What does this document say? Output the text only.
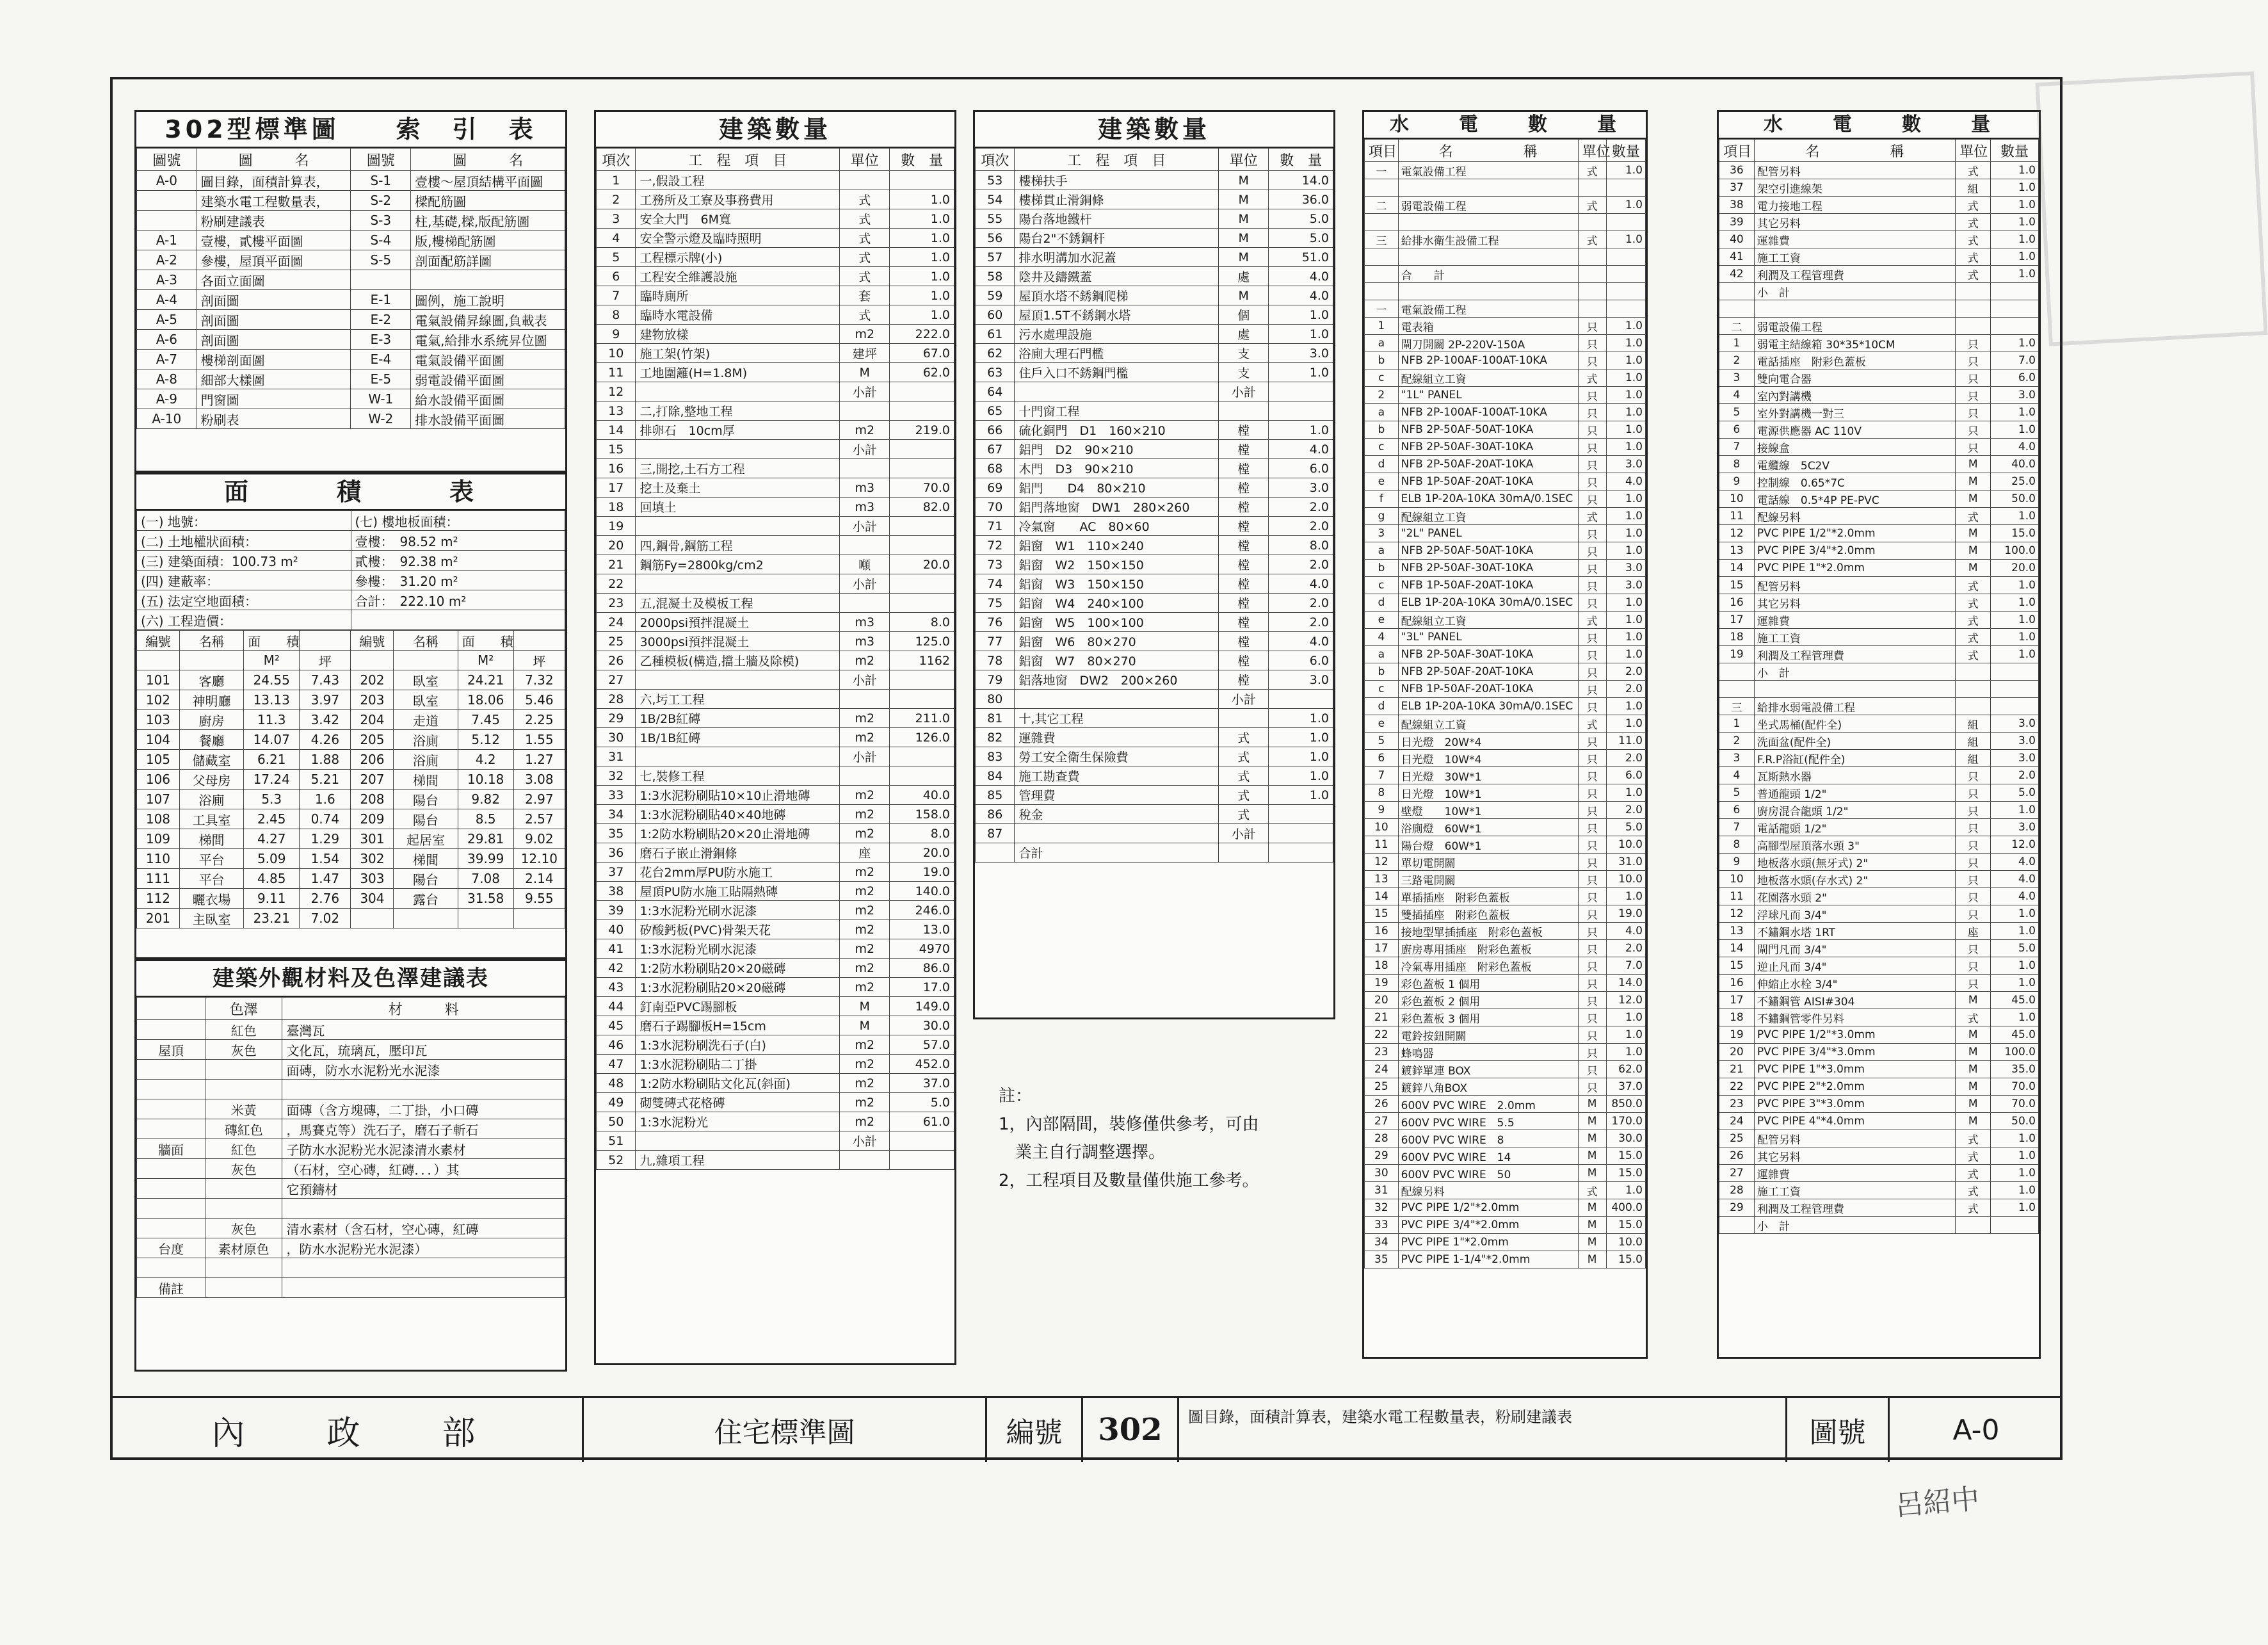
302型標準圖　　索　引　表
圖號	圖　　　名	圖號	圖　　　名
A-0	圖目錄，面積計算表，	S-1	壹樓～屋頂結構平面圖
	建築水電工程數量表，	S-2	樑配筋圖
	粉刷建議表	S-3	柱,基礎,樑,版配筋圖
A-1	壹樓，貳樓平面圖	S-4	版,樓梯配筋圖
A-2	參樓，屋頂平面圖	S-5	剖面配筋詳圖
A-3	各面立面圖		
A-4	剖面圖	E-1	圖例，施工說明
A-5	剖面圖	E-2	電氣設備昇線圖,負載表
A-6	剖面圖	E-3	電氣,給排水系統昇位圖
A-7	樓梯剖面圖	E-4	電氣設備平面圖
A-8	細部大樣圖	E-5	弱電設備平面圖
A-9	門窗圖	W-1	給水設備平面圖
A-10	粉刷表	W-2	排水設備平面圖
面　　　積　　　表
(一) 地號：	(七) 樓地板面積：
(二) 土地權狀面積：	壹樓：　98.52 m²
(三) 建築面積：100.73 m²	貳樓：　92.38 m²
(四) 建蔽率：	參樓：　31.20 m²
(五) 法定空地面積：	合計：　222.10 m²
(六) 工程造價：	
編號	名稱	面　　積		編號	名稱	面　　積	
		M²	坪			M²	坪
101	客廳	24.55	7.43	202	臥室	24.21	7.32
102	神明廳	13.13	3.97	203	臥室	18.06	5.46
103	廚房	11.3	3.42	204	走道	7.45	2.25
104	餐廳	14.07	4.26	205	浴廁	5.12	1.55
105	儲藏室	6.21	1.88	206	浴廁	4.2	1.27
106	父母房	17.24	5.21	207	梯間	10.18	3.08
107	浴廁	5.3	1.6	208	陽台	9.82	2.97
108	工具室	2.45	0.74	209	陽台	8.5	2.57
109	梯間	4.27	1.29	301	起居室	29.81	9.02
110	平台	5.09	1.54	302	梯間	39.99	12.10
111	平台	4.85	1.47	303	陽台	7.08	2.14
112	曬衣場	9.11	2.76	304	露台	31.58	9.55
201	主臥室	23.21	7.02				
建築外觀材料及色澤建議表
	色澤	材　　　料
	紅色	臺灣瓦
屋頂	灰色	文化瓦，琉璃瓦，壓印瓦
		面磚，防水水泥粉光水泥漆

	米黃	面磚（含方塊磚，二丁掛，小口磚
	磚紅色	，馬賽克等）洗石子，磨石子斬石
牆面	紅色	子防水水泥粉光水泥漆清水素材
	灰色	（石材，空心磚，紅磚．．．）其
		它預鑄材

	灰色	清水素材（含石材，空心磚，紅磚
台度	素材原色	，防水水泥粉光水泥漆）

備註		
建築數量
項次	工　程　項　目	單位	數　量
1	一,假設工程		
2	工務所及工寮及事務費用	式	1.0
3	安全大門　6M寬	式	1.0
4	安全警示燈及臨時照明	式	1.0
5	工程標示牌(小)	式	1.0
6	工程安全維護設施	式	1.0
7	臨時廁所	套	1.0
8	臨時水電設備	式	1.0
9	建物放樣	m2	222.0
10	施工架(竹架)	建坪	67.0
11	工地圍籬(H=1.8M)	M	62.0
12		小計	
13	二,打除,整地工程		
14	排卵石　10cm厚	m2	219.0
15		小計	
16	三,開挖,土石方工程		
17	挖土及棄土	m3	70.0
18	回填土	m3	82.0
19		小計	
20	四,鋼骨,鋼筋工程		
21	鋼筋Fy=2800kg/cm2	噸	20.0
22		小計	
23	五,混凝土及模板工程		
24	2000psi預拌混凝土	m3	8.0
25	3000psi預拌混凝土	m3	125.0
26	乙種模板(構造,擋土牆及除模)	m2	1162
27		小計	
28	六,圬工工程		
29	1B/2B紅磚	m2	211.0
30	1B/1B紅磚	m2	126.0
31		小計	
32	七,裝修工程		
33	1:3水泥粉刷貼10×10止滑地磚	m2	40.0
34	1:3水泥粉刷貼40×40地磚	m2	158.0
35	1:2防水粉刷貼20×20止滑地磚	m2	8.0
36	磨石子嵌止滑銅條	座	20.0
37	花台2mm厚PU防水施工	m2	19.0
38	屋頂PU防水施工貼隔熱磚	m2	140.0
39	1:3水泥粉光刷水泥漆	m2	246.0
40	矽酸鈣板(PVC)骨架天花	m2	13.0
41	1:3水泥粉光刷水泥漆	m2	4970
42	1:2防水粉刷貼20×20磁磚	m2	86.0
43	1:3水泥粉刷貼20×20磁磚	m2	17.0
44	釘南亞PVC踢腳板	M	149.0
45	磨石子踢腳板H=15cm	M	30.0
46	1:3水泥粉刷洗石子(白)	m2	57.0
47	1:3水泥粉刷貼二丁掛	m2	452.0
48	1:2防水粉刷貼文化瓦(斜面)	m2	37.0
49	砌雙磚式花格磚	m2	5.0
50	1:3水泥粉光	m2	61.0
51		小計	
52	九,雜項工程		
建築數量
項次	工　程　項　目	單位	數　量
53	樓梯扶手	M	14.0
54	樓梯貫止滑銅條	M	36.0
55	陽台落地鐵杆	M	5.0
56	陽台2"不銹鋼杆	M	5.0
57	排水明溝加水泥蓋	M	51.0
58	陰井及鑄鐵蓋	處	4.0
59	屋頂水塔不銹鋼爬梯	M	4.0
60	屋頂1.5T不銹鋼水塔	個	1.0
61	污水處理設施	處	1.0
62	浴廁大理石門檻	支	3.0
63	住戶入口不銹鋼門檻	支	1.0
64		小計	
65	十門窗工程		
66	硫化銅門　D1　160×210	樘	1.0
67	鋁門　D2　90×210	樘	4.0
68	木門　D3　90×210	樘	6.0
69	鋁門　　D4　80×210	樘	3.0
70	鋁門落地窗　DW1　280×260	樘	2.0
71	冷氣窗　　AC　80×60	樘	2.0
72	鋁窗　W1　110×240	樘	8.0
73	鋁窗　W2　150×150	樘	2.0
74	鋁窗　W3　150×150	樘	4.0
75	鋁窗　W4　240×100	樘	2.0
76	鋁窗　W5　100×100	樘	2.0
77	鋁窗　W6　80×270	樘	4.0
78	鋁窗　W7　80×270	樘	6.0
79	鋁落地窗　DW2　200×260	樘	3.0
80		小計	
81	十,其它工程		1.0
82	運雜費	式	1.0
83	勞工安全衛生保險費	式	1.0
84	施工勘查費	式	1.0
85	管理費	式	1.0
86	稅金	式	
87		小計	
	合計		
註：
1，內部隔間，裝修僅供參考，可由
　業主自行調整選擇。
2，工程項目及數量僅供施工參考。
水　　電　　數　　量
項目	名　　　　　稱	單位	數量
一	電氣設備工程	式	1.0

二	弱電設備工程	式	1.0

三	給排水衛生設備工程	式	1.0

	合　　計		

一	電氣設備工程		
1	電表箱	只	1.0
a	閘刀開關 2P-220V-150A	只	1.0
b	NFB 2P-100AF-100AT-10KA	只	1.0
c	配線組立工資	式	1.0
2	"1L" PANEL	只	1.0
a	NFB 2P-100AF-100AT-10KA	只	1.0
b	NFB 2P-50AF-50AT-10KA	只	1.0
c	NFB 2P-50AF-30AT-10KA	只	1.0
d	NFB 2P-50AF-20AT-10KA	只	3.0
e	NFB 1P-50AF-20AT-10KA	只	4.0
f	ELB 1P-20A-10KA 30mA/0.1SEC	只	1.0
g	配線組立工資	式	1.0
3	"2L" PANEL	只	1.0
a	NFB 2P-50AF-50AT-10KA	只	1.0
b	NFB 2P-50AF-30AT-10KA	只	3.0
c	NFB 1P-50AF-20AT-10KA	只	3.0
d	ELB 1P-20A-10KA 30mA/0.1SEC	只	1.0
e	配線組立工資	式	1.0
4	"3L" PANEL	只	1.0
a	NFB 2P-50AF-30AT-10KA	只	1.0
b	NFB 2P-50AF-20AT-10KA	只	2.0
c	NFB 1P-50AF-20AT-10KA	只	2.0
d	ELB 1P-20A-10KA 30mA/0.1SEC	只	1.0
e	配線組立工資	式	1.0
5	日光燈　20W*4	只	11.0
6	日光燈　10W*4	只	2.0
7	日光燈　30W*1	只	6.0
8	日光燈　10W*1	只	1.0
9	壁燈　　10W*1	只	2.0
10	浴廁燈　60W*1	只	5.0
11	陽台燈　60W*1	只	10.0
12	單切電開關	只	31.0
13	三路電開關	只	10.0
14	單插插座　附彩色蓋板	只	1.0
15	雙插插座　附彩色蓋板	只	19.0
16	接地型單插插座　附彩色蓋板	只	4.0
17	廚房專用插座　附彩色蓋板	只	2.0
18	冷氣專用插座　附彩色蓋板	只	7.0
19	彩色蓋板 1 個用	只	14.0
20	彩色蓋板 2 個用	只	12.0
21	彩色蓋板 3 個用	只	1.0
22	電鈴按鈕開關	只	1.0
23	蜂鳴器	只	1.0
24	鍍鋅單連 BOX	只	62.0
25	鍍鋅八角BOX	只	37.0
26	600V PVC WIRE　2.0mm	M	850.0
27	600V PVC WIRE　5.5	M	170.0
28	600V PVC WIRE　8	M	30.0
29	600V PVC WIRE　14	M	15.0
30	600V PVC WIRE　50	M	15.0
31	配線另料	式	1.0
32	PVC PIPE 1/2"*2.0mm	M	400.0
33	PVC PIPE 3/4"*2.0mm	M	15.0
34	PVC PIPE 1"*2.0mm	M	10.0
35	PVC PIPE 1-1/4"*2.0mm	M	15.0
水　　電　　數　　量
項目	名　　　　　稱	單位	數量
36	配管另料	式	1.0
37	架空引進線架	組	1.0
38	電力接地工程	式	1.0
39	其它另料	式	1.0
40	運雜費	式	1.0
41	施工工資	式	1.0
42	利潤及工程管理費	式	1.0
	小　計		

二	弱電設備工程		
1	弱電主結線箱 30*35*10CM	只	1.0
2	電話插座　附彩色蓋板	只	7.0
3	雙向電合器	只	6.0
4	室內對講機	只	3.0
5	室外對講機一對三	只	1.0
6	電源供應器 AC 110V	只	1.0
7	接線盒	只	4.0
8	電纜線　5C2V	M	40.0
9	控制線　0.65*7C	M	25.0
10	電話線　0.5*4P PE-PVC	M	50.0
11	配線另料	式	1.0
12	PVC PIPE 1/2"*2.0mm	M	15.0
13	PVC PIPE 3/4"*2.0mm	M	100.0
14	PVC PIPE 1"*2.0mm	M	20.0
15	配管另料	式	1.0
16	其它另料	式	1.0
17	運雜費	式	1.0
18	施工工資	式	1.0
19	利潤及工程管理費	式	1.0
	小　計		

三	給排水弱電設備工程		
1	坐式馬桶(配件全)	組	3.0
2	洗面盆(配件全)	組	3.0
3	F.R.P浴缸(配件全)	組	3.0
4	瓦斯熱水器	只	2.0
5	普通龍頭 1/2"	只	5.0
6	廚房混合龍頭 1/2"	只	1.0
7	電話龍頭 1/2"	只	3.0
8	高腳型屋頂落水頭 3"	只	12.0
9	地板落水頭(無牙式) 2"	只	4.0
10	地板落水頭(存水式) 2"	只	4.0
11	花園落水頭 2"	只	4.0
12	浮球凡而 3/4"	只	1.0
13	不鏽鋼水塔 1RT	座	1.0
14	閘門凡而 3/4"	只	5.0
15	逆止凡而 3/4"	只	1.0
16	伸縮止水栓 3/4"	只	1.0
17	不鏽鋼管 AISI#304	M	45.0
18	不鏽鋼管零件另料	式	1.0
19	PVC PIPE 1/2"*3.0mm	M	45.0
20	PVC PIPE 3/4"*3.0mm	M	100.0
21	PVC PIPE 1"*3.0mm	M	35.0
22	PVC PIPE 2"*2.0mm	M	70.0
23	PVC PIPE 3"*3.0mm	M	70.0
24	PVC PIPE 4"*4.0mm	M	50.0
25	配管另料	式	1.0
26	其它另料	式	1.0
27	運雜費	式	1.0
28	施工工資	式	1.0
29	利潤及工程管理費	式	1.0
	小　計		
內　　政　　部	住宅標準圖	編號	302	圖目錄，面積計算表，建築水電工程數量表，粉刷建議表	圖號	A-0
呂紹中
